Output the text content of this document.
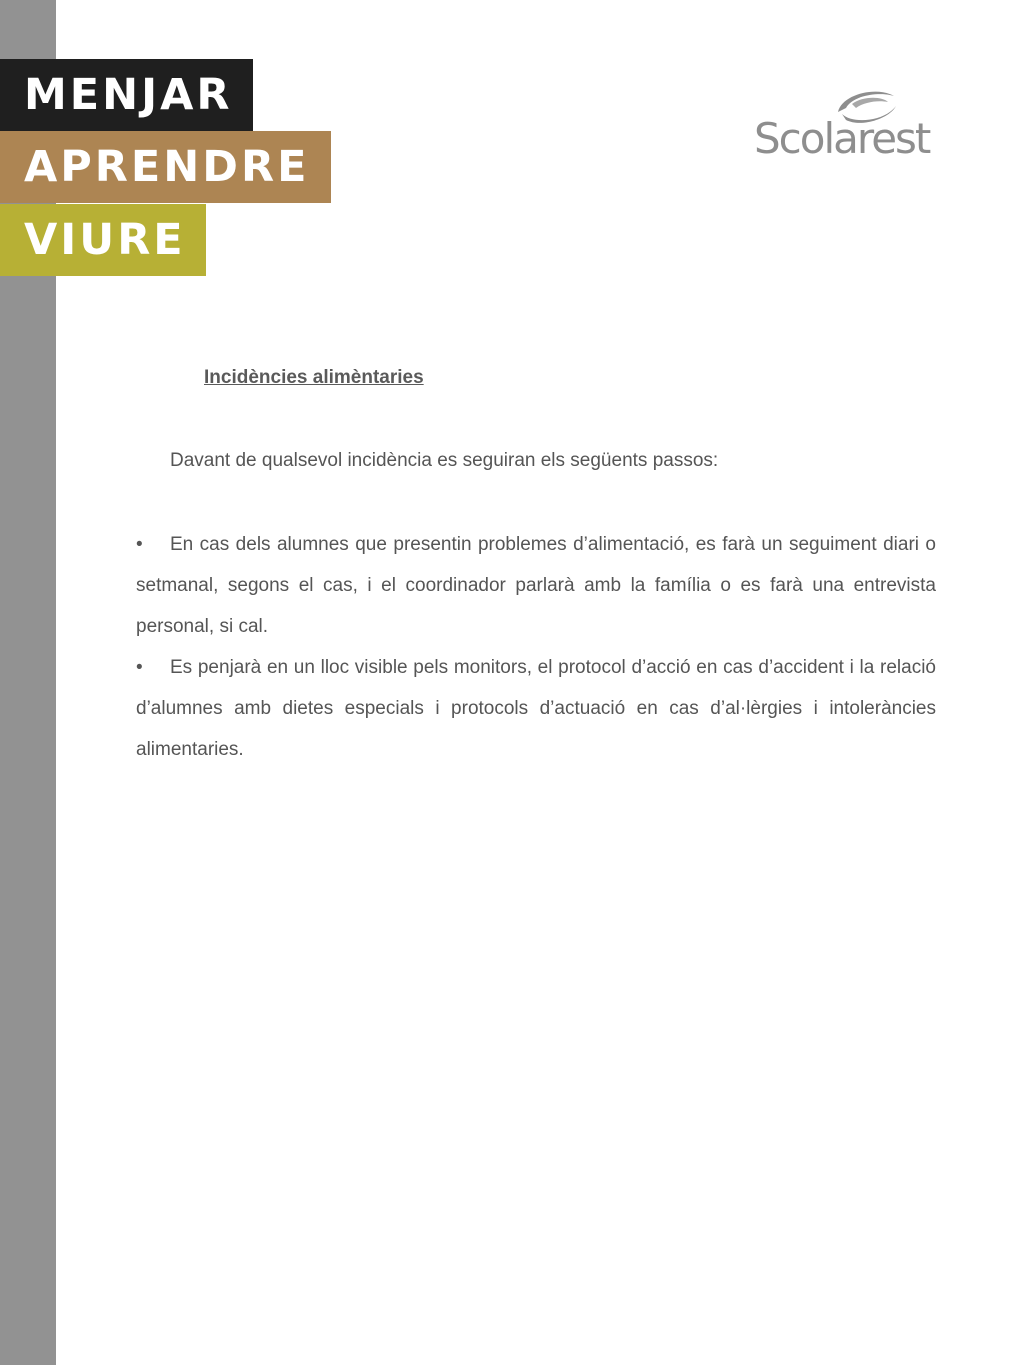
MENJAR
APRENDRE
VIURE
Scolarest
Incidències alimèntaries
Davant de qualsevol incidència es seguiran els següents passos:
• En cas dels alumnes que presentin problemes d’alimentació, es farà un seguiment diari o setmanal, segons el cas, i el coordinador parlarà amb la família o es farà una entrevista personal, si cal.
• Es penjarà en un lloc visible pels monitors, el protocol d’acció en cas d’accident i la relació d’alumnes amb dietes especials i protocols d’actuació en cas d’al·lèrgies i intoleràncies alimentaries.
